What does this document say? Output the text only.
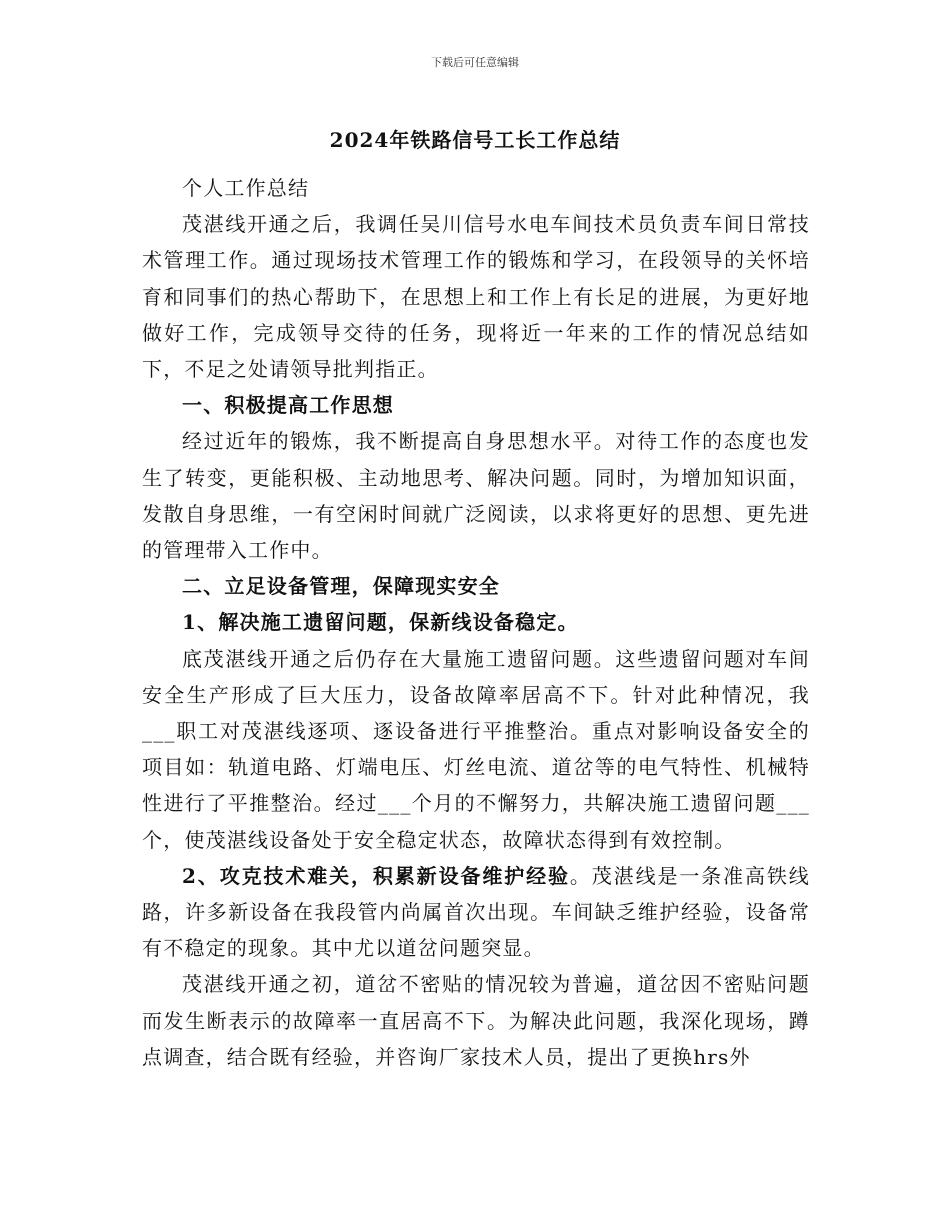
下载后可任意编辑
2024年铁路信号工长工作总结

个人工作总结

茂湛线开通之后，我调任吴川信号水电车间技术员负责车间日常技术管理工作。通过现场技术管理工作的锻炼和学习，在段领导的关怀培育和同事们的热心帮助下，在思想上和工作上有长足的进展，为更好地做好工作，完成领导交待的任务，现将近一年来的工作的情况总结如下，不足之处请领导批判指正。

一、积极提高工作思想

经过近年的锻炼，我不断提高自身思想水平。对待工作的态度也发生了转变，更能积极、主动地思考、解决问题。同时，为增加知识面，发散自身思维，一有空闲时间就广泛阅读，以求将更好的思想、更先进的管理带入工作中。

二、立足设备管理，保障现实安全

1、解决施工遗留问题，保新线设备稳定。

底茂湛线开通之后仍存在大量施工遗留问题。这些遗留问题对车间安全生产形成了巨大压力，设备故障率居高不下。针对此种情况，我___职工对茂湛线逐项、逐设备进行平推整治。重点对影响设备安全的项目如：轨道电路、灯端电压、灯丝电流、道岔等的电气特性、机械特性进行了平推整治。经过___个月的不懈努力，共解决施工遗留问题___个，使茂湛线设备处于安全稳定状态，故障状态得到有效控制。

2、攻克技术难关，积累新设备维护经验。茂湛线是一条准高铁线路，许多新设备在我段管内尚属首次出现。车间缺乏维护经验，设备常有不稳定的现象。其中尤以道岔问题突显。

茂湛线开通之初，道岔不密贴的情况较为普遍，道岔因不密贴问题而发生断表示的故障率一直居高不下。为解决此问题，我深化现场，蹲点调查，结合既有经验，并咨询厂家技术人员，提出了更换hrs外
